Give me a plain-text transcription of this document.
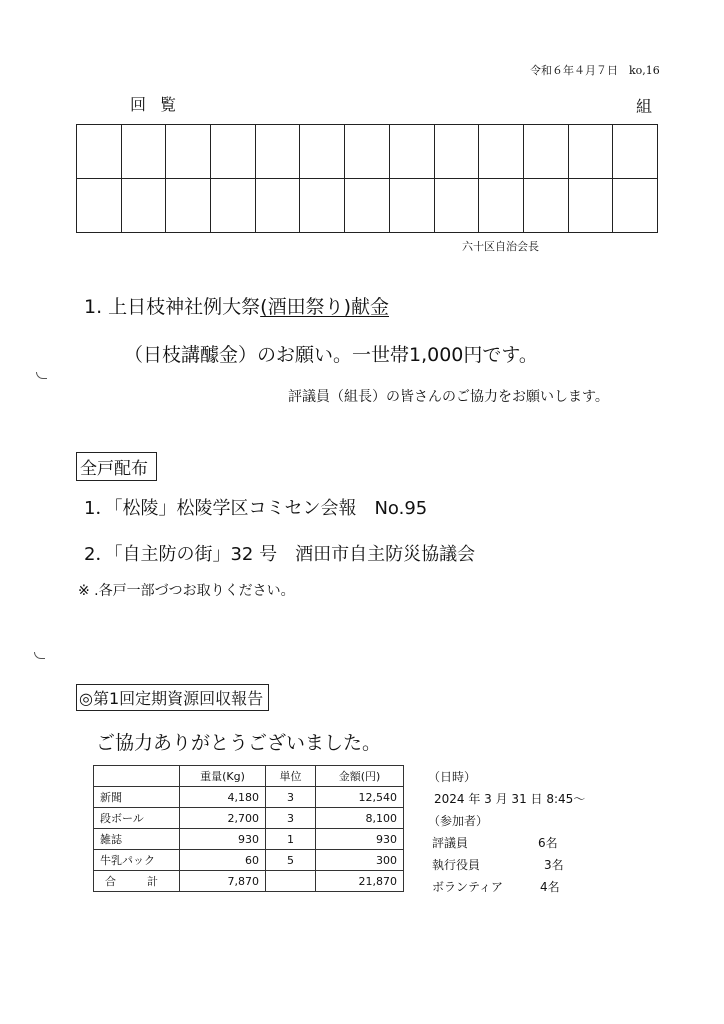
令和６年４月７日　ko,16
回覧	組

六十区自治会長
1. 上日枝神社例大祭(酒田祭り)献金
（日枝講醵金）のお願い。一世帯1,000円です。
評議員（組長）の皆さんのご協力をお願いします。
全戸配布
1．「松陵」松陵学区コミセン会報　No.95
2．「自主防の街」32 号　酒田市自主防災協議会
※ .各戸一部づつお取りください。
◎第1回定期資源回収報告
ご協力ありがとうございました。
	重量(Kg)	単位	金額(円)
新聞	4,180	3	12,540
段ボール	2,700	3	8,100
雑誌	930	1	930
牛乳パック	60	5	300
合　計	7,870		21,870
（日時）
2024 年 3 月 31 日 8:45～
（参加者）
評議員	6名
執行役員	3名
ボランティア	4名
